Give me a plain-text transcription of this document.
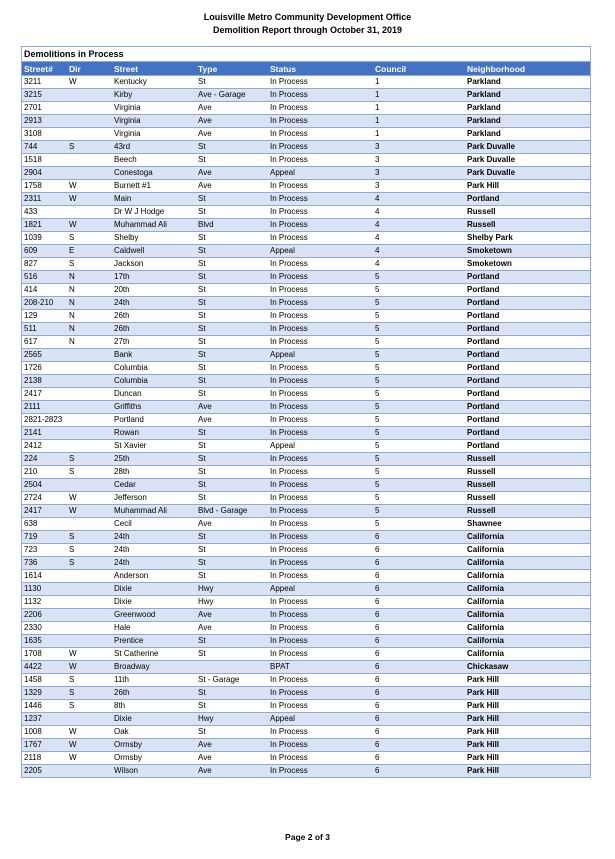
Louisville Metro Community Development Office
Demolition Report through October 31, 2019
Demolitions in Process
Street#	Dir	Street	Type	Status	Council	Neighborhood
3211	W	Kentucky	St	In Process	1	Parkland
3215		Kirby	Ave - Garage	In Process	1	Parkland
2701		Virginia	Ave	In Process	1	Parkland
2913		Virginia	Ave	In Process	1	Parkland
3108		Virginia	Ave	In Process	1	Parkland
744	S	43rd	St	In Process	3	Park Duvalle
1518		Beech	St	In Process	3	Park Duvalle
2904		Conestoga	Ave	Appeal	3	Park Duvalle
1758	W	Burnett #1	Ave	In Process	3	Park Hill
2311	W	Main	St	In Process	4	Portland
433		Dr W J Hodge	St	In Process	4	Russell
1821	W	Muhammad Ali	Blvd	In Process	4	Russell
1039	S	Shelby	St	In Process	4	Shelby Park
609	E	Caldwell	St	Appeal	4	Smoketown
827	S	Jackson	St	In Process	4	Smoketown
516	N	17th	St	In Process	5	Portland
414	N	20th	St	In Process	5	Portland
208-210	N	24th	St	In Process	5	Portland
129	N	26th	St	In Process	5	Portland
511	N	26th	St	In Process	5	Portland
617	N	27th	St	In Process	5	Portland
2565		Bank	St	Appeal	5	Portland
1726		Columbia	St	In Process	5	Portland
2138		Columbia	St	In Process	5	Portland
2417		Duncan	St	In Process	5	Portland
2111		Griffiths	Ave	In Process	5	Portland
2821-2823		Portland	Ave	In Process	5	Portland
2141		Rowan	St	In Process	5	Portland
2412		St Xavier	St	Appeal	5	Portland
224	S	25th	St	In Process	5	Russell
210	S	28th	St	In Process	5	Russell
2504		Cedar	St	In Process	5	Russell
2724	W	Jefferson	St	In Process	5	Russell
2417	W	Muhammad Ali	Blvd - Garage	In Process	5	Russell
638		Cecil	Ave	In Process	5	Shawnee
719	S	24th	St	In Process	6	California
723	S	24th	St	In Process	6	California
736	S	24th	St	In Process	6	California
1614		Anderson	St	In Process	6	California
1130		Dixie	Hwy	Appeal	6	California
1132		Dixie	Hwy	In Process	6	California
2206		Greenwood	Ave	In Process	6	California
2330		Hale	Ave	In Process	6	California
1635		Prentice	St	In Process	6	California
1708	W	St Catherine	St	In Process	6	California
4422	W	Broadway		BPAT	6	Chickasaw
1458	S	11th	St - Garage	In Process	6	Park Hill
1329	S	26th	St	In Process	6	Park Hill
1446	S	8th	St	In Process	6	Park Hill
1237		Dixie	Hwy	Appeal	6	Park Hill
1008	W	Oak	St	In Process	6	Park Hill
1767	W	Ormsby	Ave	In Process	6	Park Hill
2118	W	Ormsby	Ave	In Process	6	Park Hill
2205		Wilson	Ave	In Process	6	Park Hill
Page 2 of 3
